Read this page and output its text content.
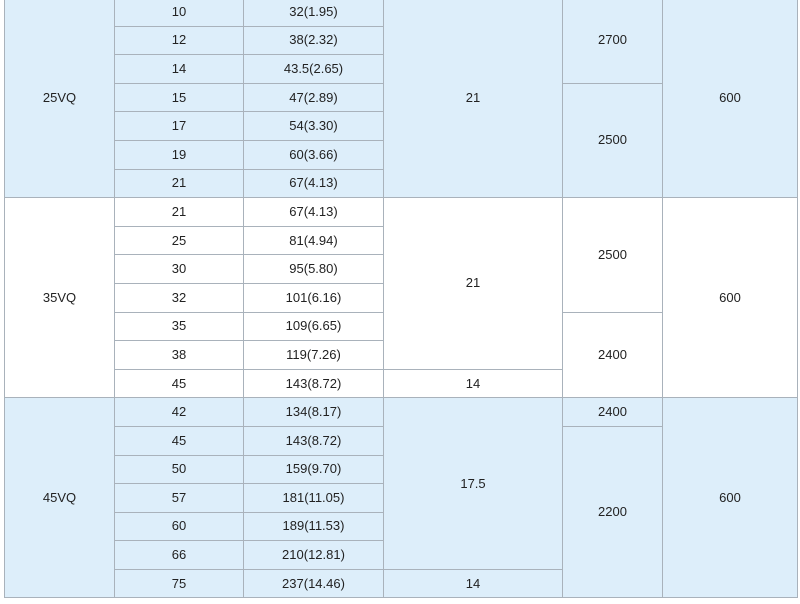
25VQ	10	32(1.95)	21	2700	600
	12	38(2.32)			
	14	43.5(2.65)			
	15	47(2.89)		2500	
	17	54(3.30)			
	19	60(3.66)			
	21	67(4.13)			
35VQ	21	67(4.13)	21	2500	600
	25	81(4.94)			
	30	95(5.80)			
	32	101(6.16)			
	35	109(6.65)		2400	
	38	119(7.26)			
	45	143(8.72)	14		
45VQ	42	134(8.17)	17.5	2400	600
	45	143(8.72)		2200	
	50	159(9.70)			
	57	181(11.05)			
	60	189(11.53)			
	66	210(12.81)			
	75	237(14.46)	14		
